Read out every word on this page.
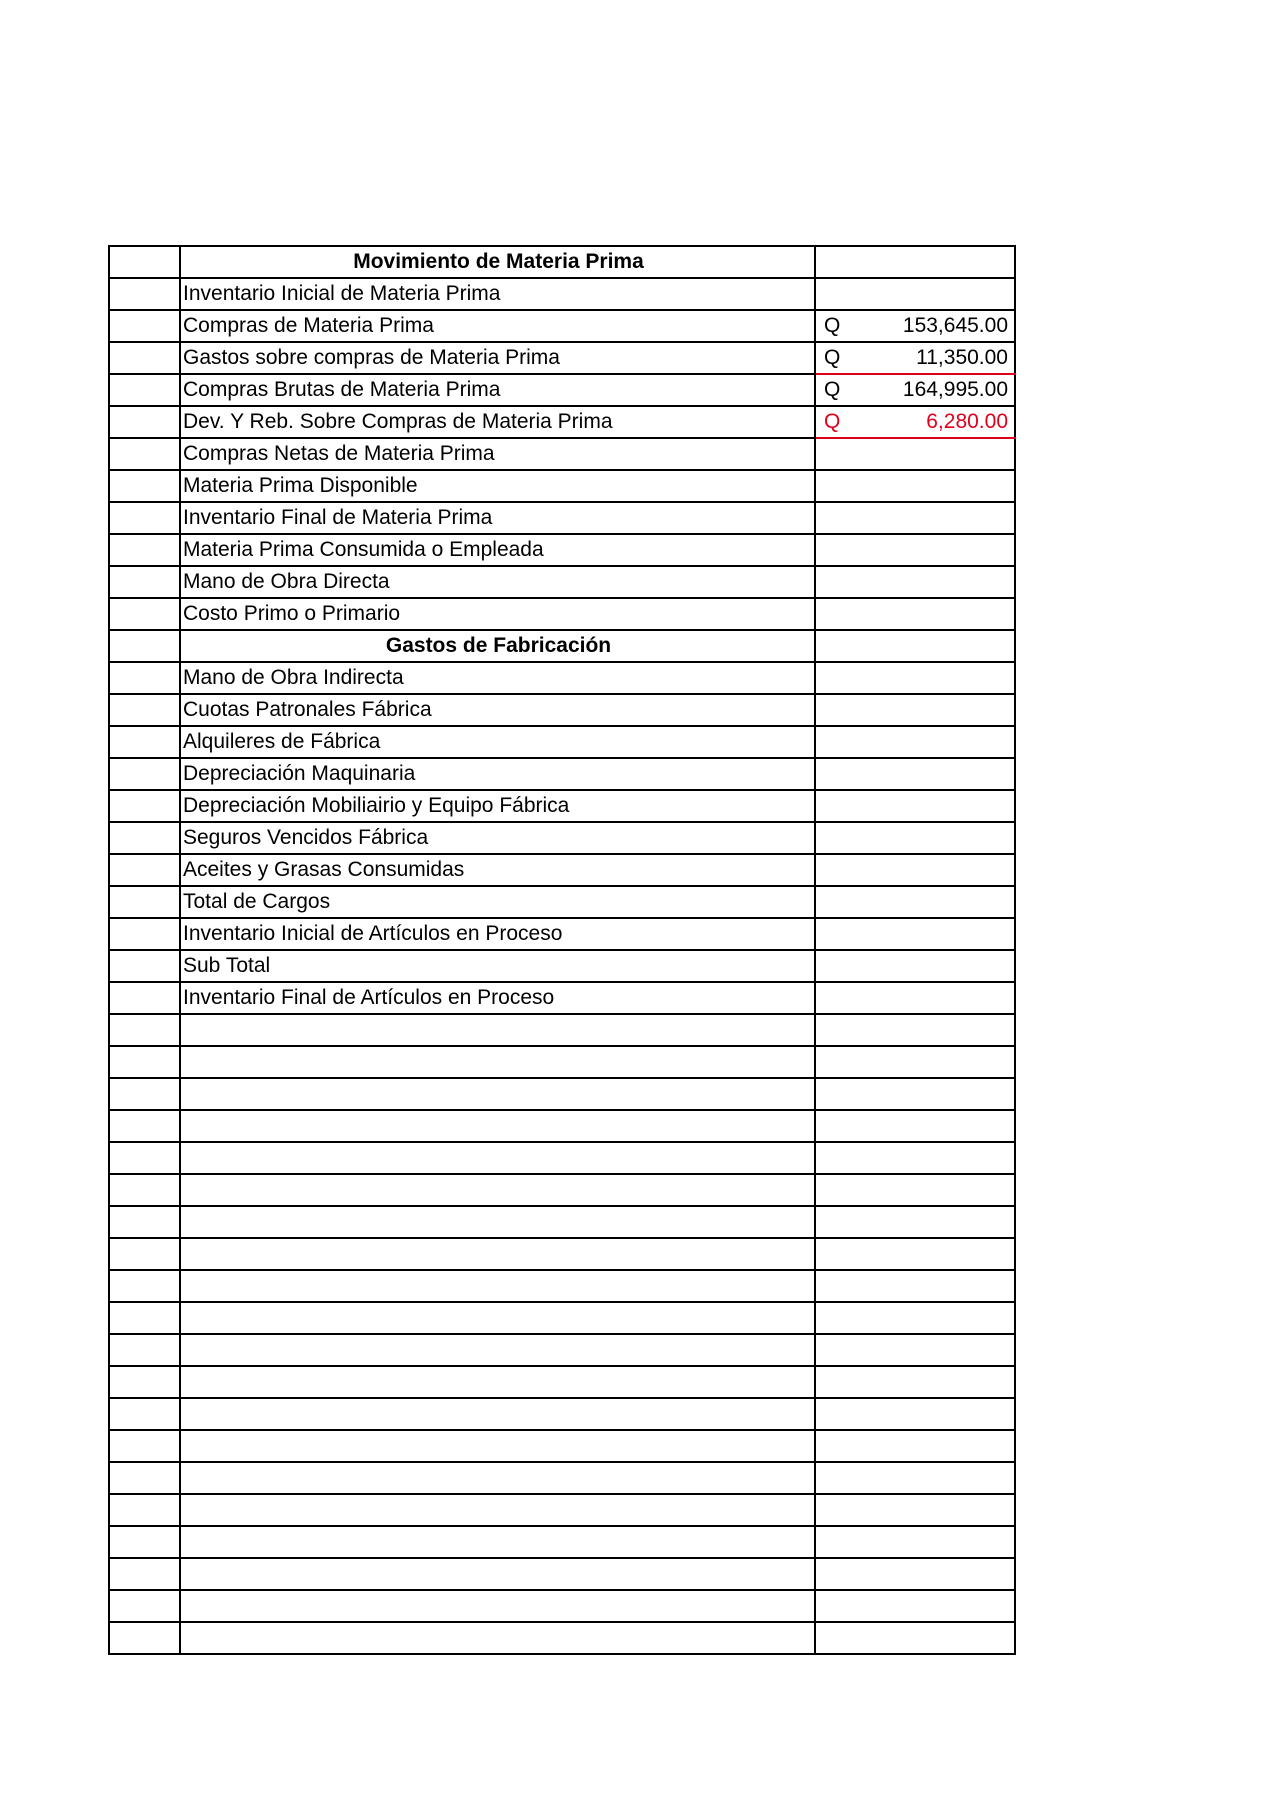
	Movimiento de Materia Prima		
	Inventario Inicial de Materia Prima		
	Compras de Materia Prima	Q	153,645.00
	Gastos sobre compras de Materia Prima	Q	11,350.00
	Compras Brutas de Materia Prima	Q	164,995.00
	Dev. Y Reb. Sobre Compras de Materia Prima	Q	6,280.00
	Compras Netas de Materia Prima		
	Materia Prima Disponible		
	Inventario Final de Materia Prima		
	Materia Prima Consumida o Empleada		
	Mano de Obra Directa		
	Costo Primo o Primario		
	Gastos de Fabricación		
	Mano de Obra Indirecta		
	Cuotas Patronales Fábrica		
	Alquileres de Fábrica		
	Depreciación Maquinaria		
	Depreciación Mobiliairio y Equipo Fábrica		
	Seguros Vencidos Fábrica		
	Aceites y Grasas Consumidas		
	Total de Cargos		
	Inventario Inicial de Artículos en Proceso		
	Sub Total		
	Inventario Final de Artículos en Proceso		
